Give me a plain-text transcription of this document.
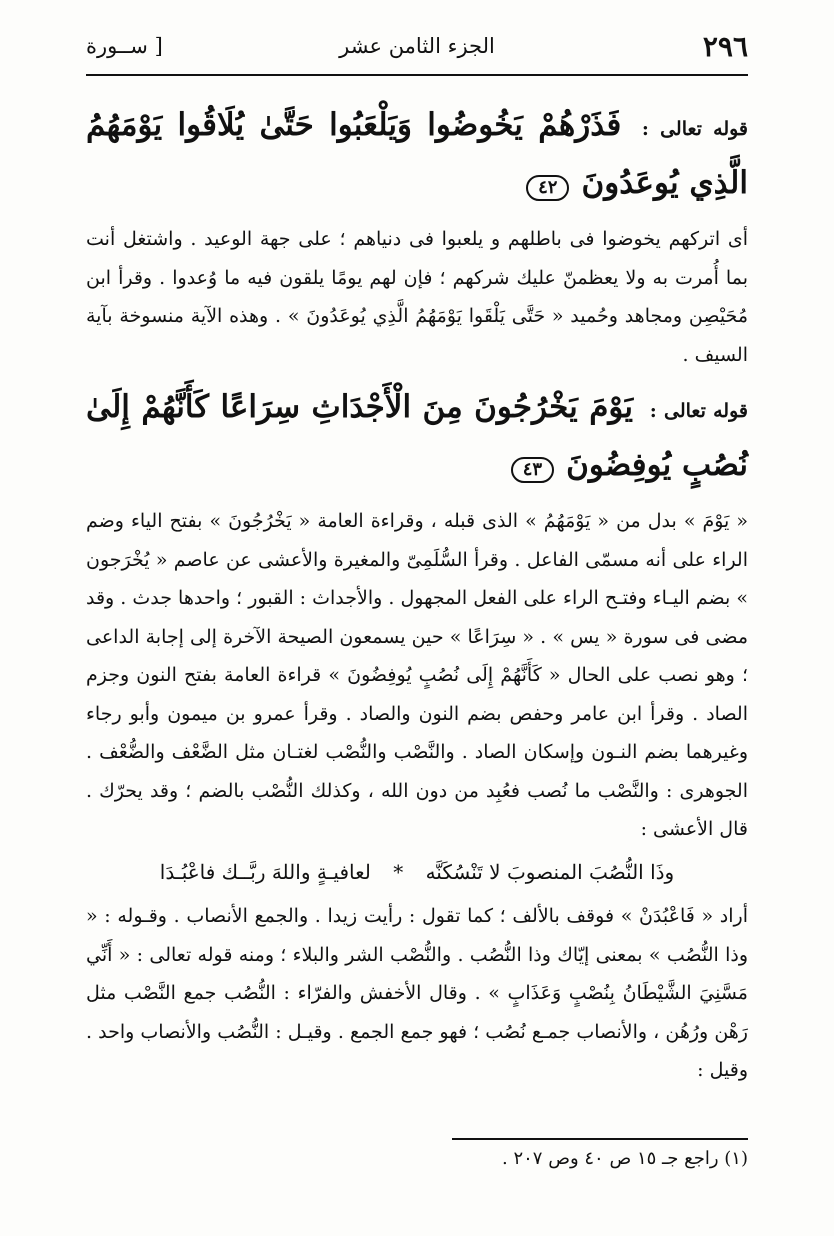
٢٩٦
الجزء الثامن عشر
[ ســورة
قوله تعالى : فَذَرْهُمْ يَخُوضُوا وَيَلْعَبُوا حَتَّىٰ يُلَاقُوا يَوْمَهُمُ الَّذِي يُوعَدُونَ ٤٢

أى اتركهم يخوضوا فى باطلهم و يلعبوا فى دنياهم ؛ على جهة الوعيد . واشتغل أنت بما أُمرت به ولا يعظمنّ عليك شركهم ؛ فإن لهم يومًا يلقون فيه ما وُعدوا . وقرأ ابن مُحَيْصِن ومجاهد وحُميد « حَتَّى يَلْقَوا يَوْمَهُمُ الَّذِي يُوعَدُونَ » . وهذه الآية منسوخة بآية السيف .

قوله تعالى : يَوْمَ يَخْرُجُونَ مِنَ الْأَجْدَاثِ سِرَاعًا كَأَنَّهُمْ إِلَىٰ نُصُبٍ يُوفِضُونَ ٤٣

« يَوْمَ » بدل من « يَوْمَهُمُ » الذى قبله ، وقراءة العامة « يَخْرُجُونَ » بفتح الياء وضم الراء على أنه مسمّى الفاعل . وقرأ السُّلَمِىّ والمغيرة والأعشى عن عاصم « يُخْرَجون » بضم اليـاء وفتـح الراء على الفعل المجهول . والأجداث : القبور ؛ واحدها جدث . وقد مضى فى سورة « يس » . « سِرَاعًا » حين يسمعون الصيحة الآخرة إلى إجابة الداعى ؛ وهو نصب على الحال « كَأَنَّهُمْ إِلَى نُصُبٍ يُوفِضُونَ » قراءة العامة بفتح النون وجزم الصاد . وقرأ ابن عامر وحفص بضم النون والصاد . وقرأ عمرو بن ميمون وأبو رجاء وغيرهما بضم النـون وإسكان الصاد . والنَّصْب والنُّصْب لغتـان مثل الضَّعْف والضُّعْف . الجوهرى : والنَّصْب ما نُصب فعُبِد من دون الله ، وكذلك النُّصْب بالضم ؛ وقد يحرّك . قال الأعشى :

وذَا النُّصُبَ المنصوبَ لا تَنْسُكَنَّه * لعافيـةٍ واللهَ ربَّــك فاعْبُـدَا

أراد « فَاعْبُدَنْ » فوقف بالألف ؛ كما تقول : رأيت زيدا . والجمع الأنصاب . وقـوله : « وذا النُّصُب » بمعنى إيّاك وذا النُّصُب . والنُّصْب الشر والبلاء ؛ ومنه قوله تعالى : « أَنِّي مَسَّنِيَ الشَّيْطَانُ بِنُصْبٍ وَعَذَابٍ » . وقال الأخفش والفرّاء : النُّصُب جمع النَّصْب مثل رَهْن ورُهُن ، والأنصاب جمـع نُصُب ؛ فهو جمع الجمع . وقيـل : النُّصُب والأنصاب واحد . وقيل :

(١) راجع جـ ١٥ ص ٤٠ وص ٢٠٧ .
